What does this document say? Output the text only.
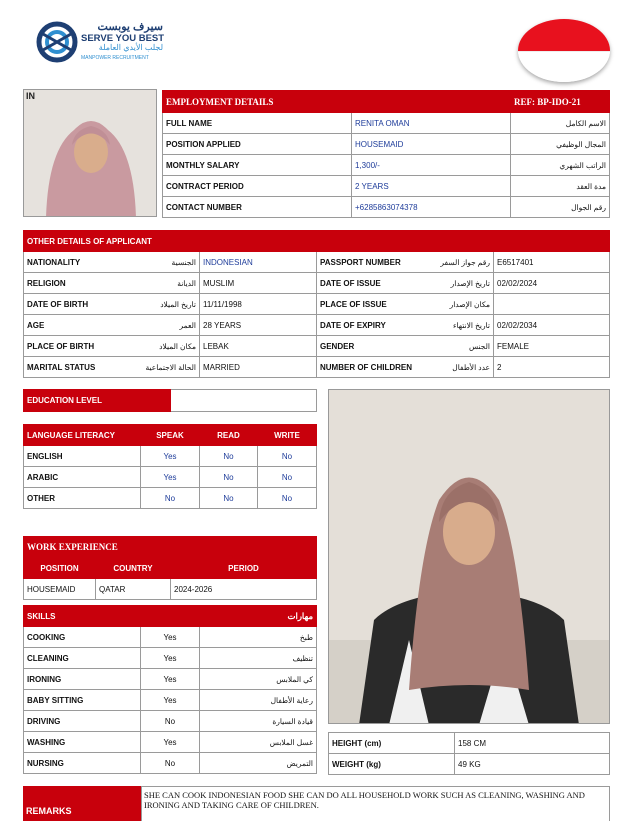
سيرف يوبست
SERVE YOU BEST
لجلب الأيدي العاملة
MANPOWER RECRUITMENT
IN
EMPLOYMENT DETAILS		REF: BP-IDO-21
FULL NAME	RENITA OMAN	الاسم الكامل
POSITION APPLIED	HOUSEMAID	المجال الوظيفي
MONTHLY SALARY	1,300/-	الراتب الشهري
CONTRACT PERIOD	2 YEARS	مدة العقد
CONTACT NUMBER	+6285863074378	رقم الجوال
OTHER DETAILS OF APPLICANT			

NATIONALITY الجنسية	INDONESIAN	PASSPORT NUMBER رقم جواز السفر	E6517401

RELIGION الديانة	MUSLIM	DATE OF ISSUE تاريخ الإصدار	02/02/2024

DATE OF BIRTH تاريخ الميلاد	11/11/1998	PLACE OF ISSUE مكان الإصدار	

AGE العمر	28 YEARS	DATE OF EXPIRY تاريخ الانتهاء	02/02/2034

PLACE OF BIRTH مكان الميلاد	LEBAK	GENDER الجنس	FEMALE

MARITAL STATUS الحالة الاجتماعية	MARRIED	NUMBER OF CHILDREN عدد الأطفال	2
EDUCATION LEVEL	
LANGUAGE LITERACY	SPEAK	READ	WRITE
ENGLISH	Yes	No	No
ARABIC	Yes	No	No
OTHER	No	No	No
WORK EXPERIENCE		
POSITION	COUNTRY	PERIOD
HOUSEMAID	QATAR	2024-2026
SKILLS		مهارات
COOKING	Yes	طبخ
CLEANING	Yes	تنظيف
IRONING	Yes	كي الملابس
BABY SITTING	Yes	رعاية الأطفال
DRIVING	No	قيادة السيارة
WASHING	Yes	غسل الملابس
NURSING	No	التمريض
HEIGHT (cm)	158 CM
WEIGHT (kg)	49 KG
REMARKS
SHE CAN COOK INDONESIAN FOOD SHE CAN DO ALL HOUSEHOLD WORK SUCH AS CLEANING, WASHING AND IRONING AND TAKING CARE OF CHILDREN.
